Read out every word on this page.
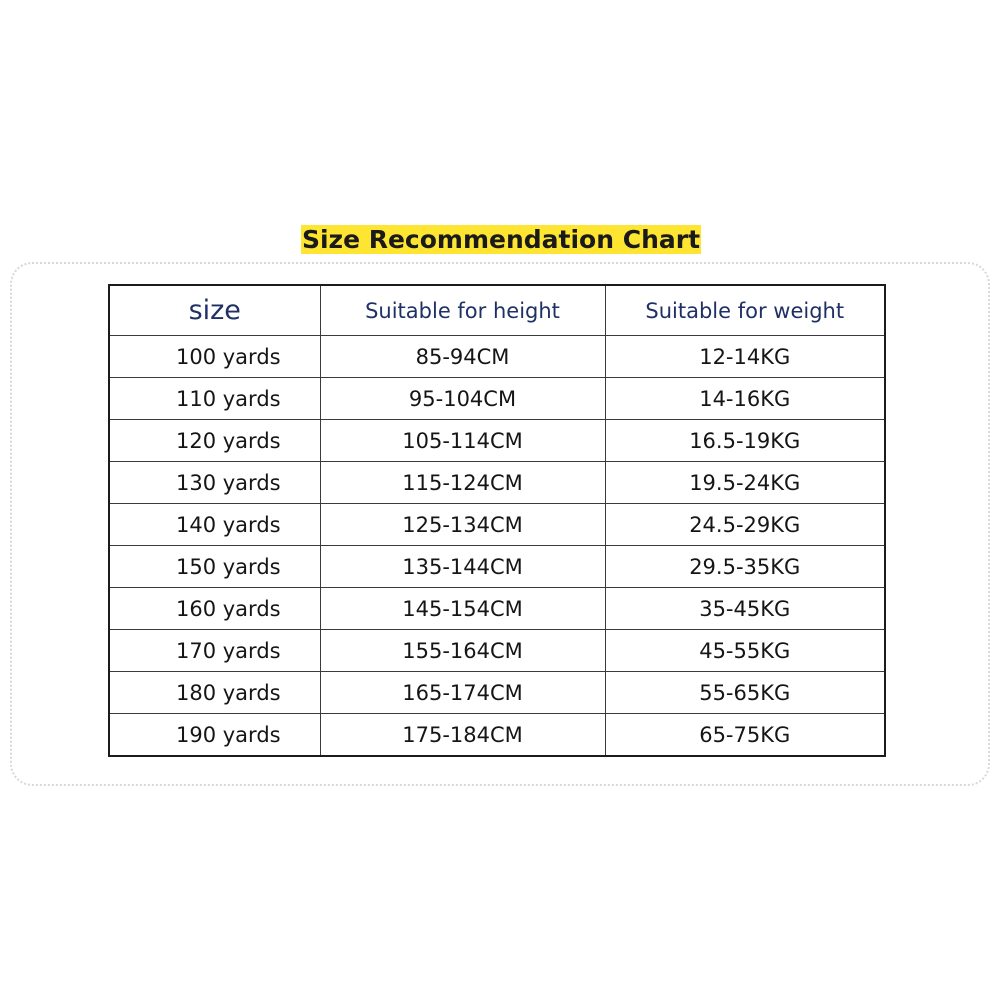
Size Recommendation Chart
size	Suitable for height	Suitable for weight
100 yards	85-94CM	12-14KG
110 yards	95-104CM	14-16KG
120 yards	105-114CM	16.5-19KG
130 yards	115-124CM	19.5-24KG
140 yards	125-134CM	24.5-29KG
150 yards	135-144CM	29.5-35KG
160 yards	145-154CM	35-45KG
170 yards	155-164CM	45-55KG
180 yards	165-174CM	55-65KG
190 yards	175-184CM	65-75KG
